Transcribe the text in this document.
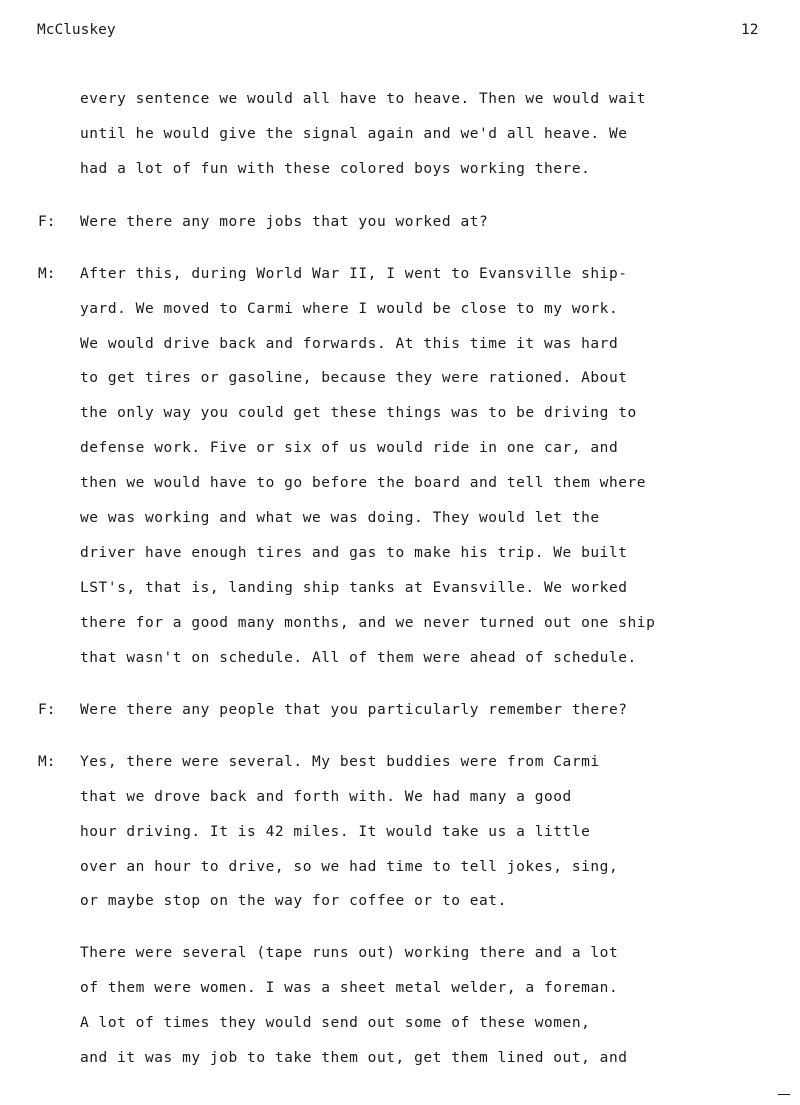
McCluskey	12
every sentence we would all have to heave. Then we would wait
until he would give the signal again and we'd all heave. We
had a lot of fun with these colored boys working there.
F: Were there any more jobs that you worked at?
M: After this, during World War II, I went to Evansville ship-
yard. We moved to Carmi where I would be close to my work.
We would drive back and forwards. At this time it was hard
to get tires or gasoline, because they were rationed. About
the only way you could get these things was to be driving to
defense work. Five or six of us would ride in one car, and
then we would have to go before the board and tell them where
we was working and what we was doing. They would let the
driver have enough tires and gas to make his trip. We built
LST's, that is, landing ship tanks at Evansville. We worked
there for a good many months, and we never turned out one ship
that wasn't on schedule. All of them were ahead of schedule.
F: Were there any people that you particularly remember there?
M: Yes, there were several. My best buddies were from Carmi
that we drove back and forth with. We had many a good
hour driving. It is 42 miles. It would take us a little
over an hour to drive, so we had time to tell jokes, sing,
or maybe stop on the way for coffee or to eat.
There were several (tape runs out) working there and a lot
of them were women. I was a sheet metal welder, a foreman.
A lot of times they would send out some of these women,
and it was my job to take them out, get them lined out, and
